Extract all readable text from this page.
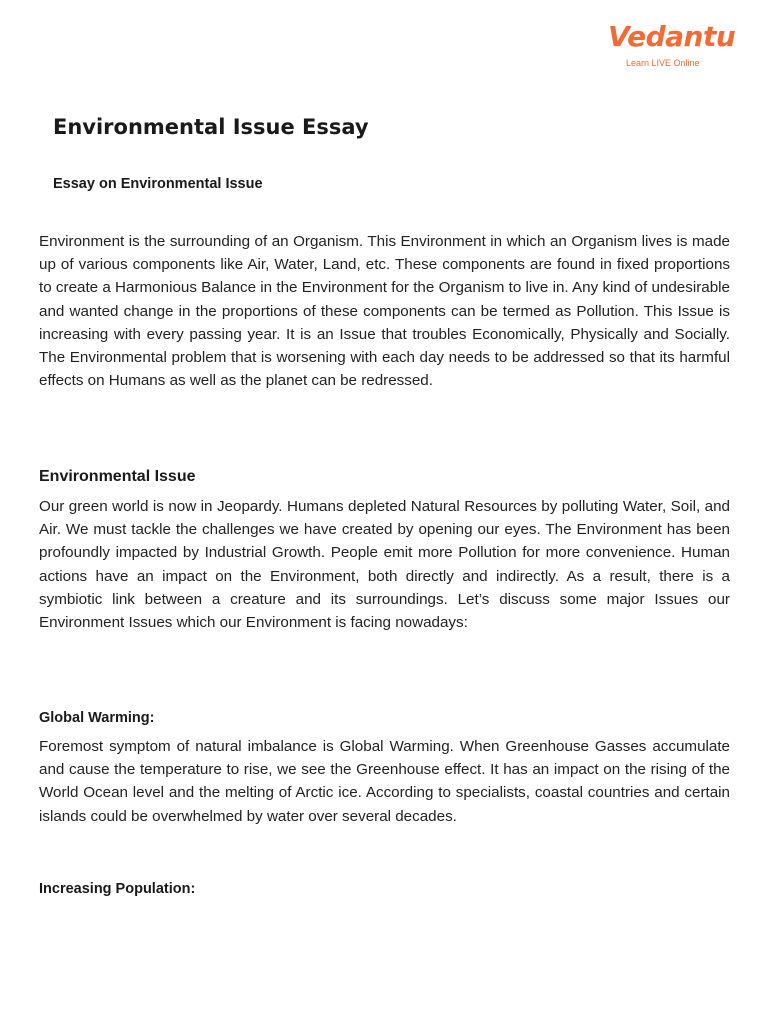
Vedantu
Learn LIVE Online
Environmental Issue Essay
Essay on Environmental Issue

Environment is the surrounding of an Organism. This Environment in which an Organism lives is made up of various components like Air, Water, Land, etc. These components are found in fixed proportions to create a Harmonious Balance in the Environment for the Organism to live in. Any kind of undesirable and wanted change in the proportions of these components can be termed as Pollution. This Issue is increasing with every passing year. It is an Issue that troubles Economically, Physically and Socially. The Environmental problem that is worsening with each day needs to be addressed so that its harmful effects on Humans as well as the planet can be redressed.

Environmental Issue

Our green world is now in Jeopardy. Humans depleted Natural Resources by polluting Water, Soil, and Air. We must tackle the challenges we have created by opening our eyes. The Environment has been profoundly impacted by Industrial Growth. People emit more Pollution for more convenience. Human actions have an impact on the Environment, both directly and indirectly. As a result, there is a symbiotic link between a creature and its surroundings. Let’s discuss some major Issues our Environment Issues which our Environment is facing nowadays:

Global Warming:

Foremost symptom of natural imbalance is Global Warming. When Greenhouse Gasses accumulate and cause the temperature to rise, we see the Greenhouse effect. It has an impact on the rising of the World Ocean level and the melting of Arctic ice. According to specialists, coastal countries and certain islands could be overwhelmed by water over several decades.

Increasing Population:
